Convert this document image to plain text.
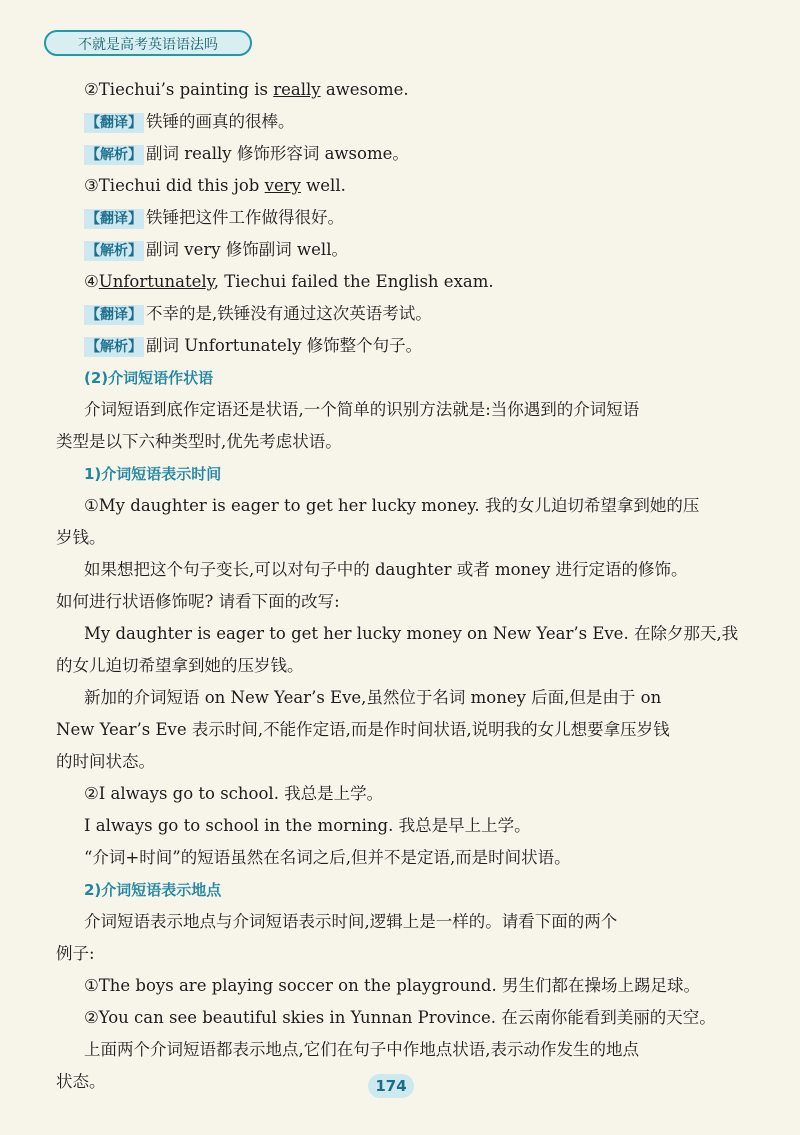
不就是高考英语语法吗
②Tiechui’s painting is really awesome.
【翻译】 铁锤的画真的很棒。
【解析】 副词 really 修饰形容词 awsome。
③Tiechui did this job very well.
【翻译】 铁锤把这件工作做得很好。
【解析】 副词 very 修饰副词 well。
④Unfortunately, Tiechui failed the English exam.
【翻译】 不幸的是,铁锤没有通过这次英语考试。
【解析】 副词 Unfortunately 修饰整个句子。
(2)介词短语作状语
介词短语到底作定语还是状语,一个简单的识别方法就是:当你遇到的介词短语
类型是以下六种类型时,优先考虑状语。
1)介词短语表示时间
①My daughter is eager to get her lucky money. 我的女儿迫切希望拿到她的压
岁钱。
如果想把这个句子变长,可以对句子中的 daughter 或者 money 进行定语的修饰。
如何进行状语修饰呢? 请看下面的改写:
My daughter is eager to get her lucky money on New Year’s Eve. 在除夕那天,我
的女儿迫切希望拿到她的压岁钱。
新加的介词短语 on New Year’s Eve,虽然位于名词 money 后面,但是由于 on
New Year’s Eve 表示时间,不能作定语,而是作时间状语,说明我的女儿想要拿压岁钱
的时间状态。
②I always go to school. 我总是上学。
I always go to school in the morning. 我总是早上上学。
“介词+时间”的短语虽然在名词之后,但并不是定语,而是时间状语。
2)介词短语表示地点
介词短语表示地点与介词短语表示时间,逻辑上是一样的。请看下面的两个
例子:
①The boys are playing soccer on the playground. 男生们都在操场上踢足球。
②You can see beautiful skies in Yunnan Province. 在云南你能看到美丽的天空。
上面两个介词短语都表示地点,它们在句子中作地点状语,表示动作发生的地点
状态。	174
